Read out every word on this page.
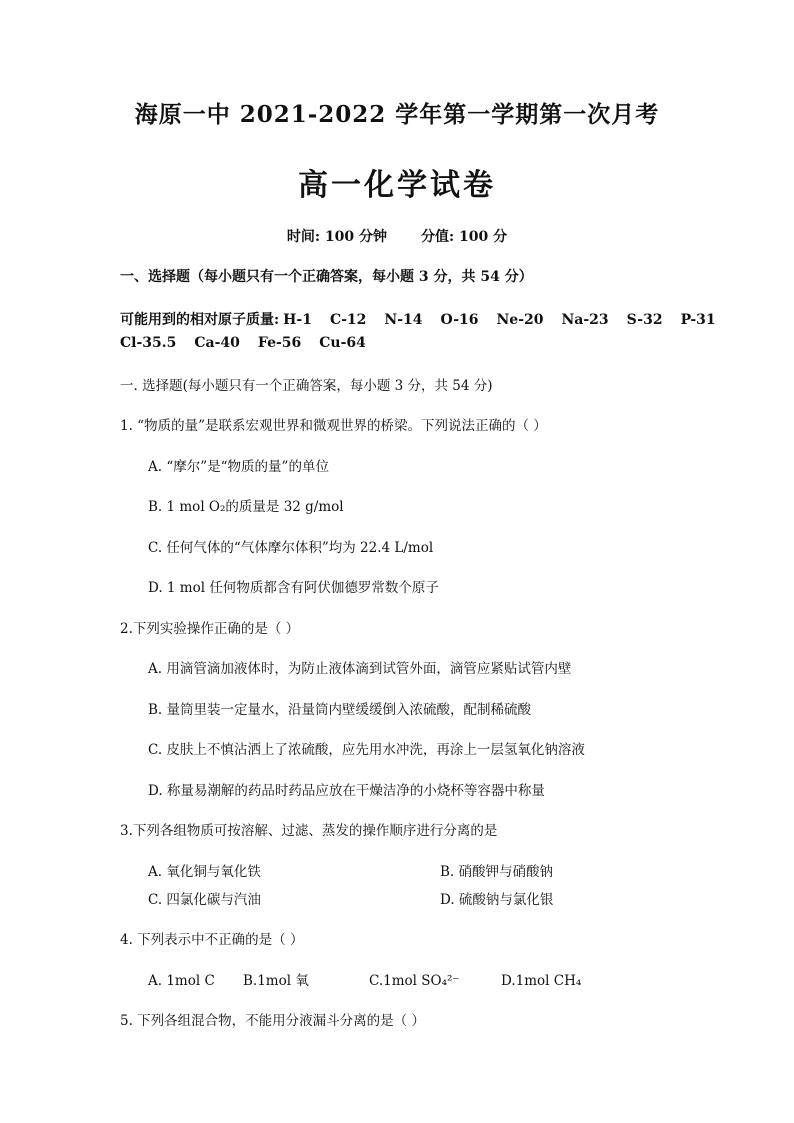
海原一中 2021-2022 学年第一学期第一次月考
高一化学试卷
时间: 100 分钟 分值: 100 分
一、选择题（每小题只有一个正确答案，每小题 3 分，共 54 分）
可能用到的相对原子质量: H-1 C-12 N-14 O-16 Ne-20 Na-23 S-32 P-31
Cl-35.5 Ca-40 Fe-56 Cu-64
一. 选择题(每小题只有一个正确答案，每小题 3 分，共 54 分)
1. “物质的量”是联系宏观世界和微观世界的桥梁。下列说法正确的（ ）
A. “摩尔”是“物质的量”的单位
B. 1 mol O₂的质量是 32 g/mol
C. 任何气体的“气体摩尔体积”均为 22.4 L/mol
D. 1 mol 任何物质都含有阿伏伽德罗常数个原子
2.下列实验操作正确的是（ ）
A. 用滴管滴加液体时，为防止液体滴到试管外面，滴管应紧贴试管内壁
B. 量筒里装一定量水，沿量筒内壁缓缓倒入浓硫酸，配制稀硫酸
C. 皮肤上不慎沾洒上了浓硫酸，应先用水冲洗，再涂上一层氢氧化钠溶液
D. 称量易潮解的药品时药品应放在干燥洁净的小烧杯等容器中称量
3.下列各组物质可按溶解、过滤、蒸发的操作顺序进行分离的是
A. 氧化铜与氧化铁	B. 硝酸钾与硝酸钠
C. 四氯化碳与汽油	D. 硫酸钠与氯化银
4. 下列表示中不正确的是（ ）
A. 1mol C B.1mol 氧	C.1mol SO₄²⁻	D.1mol CH₄
5. 下列各组混合物，不能用分液漏斗分离的是（ ）
